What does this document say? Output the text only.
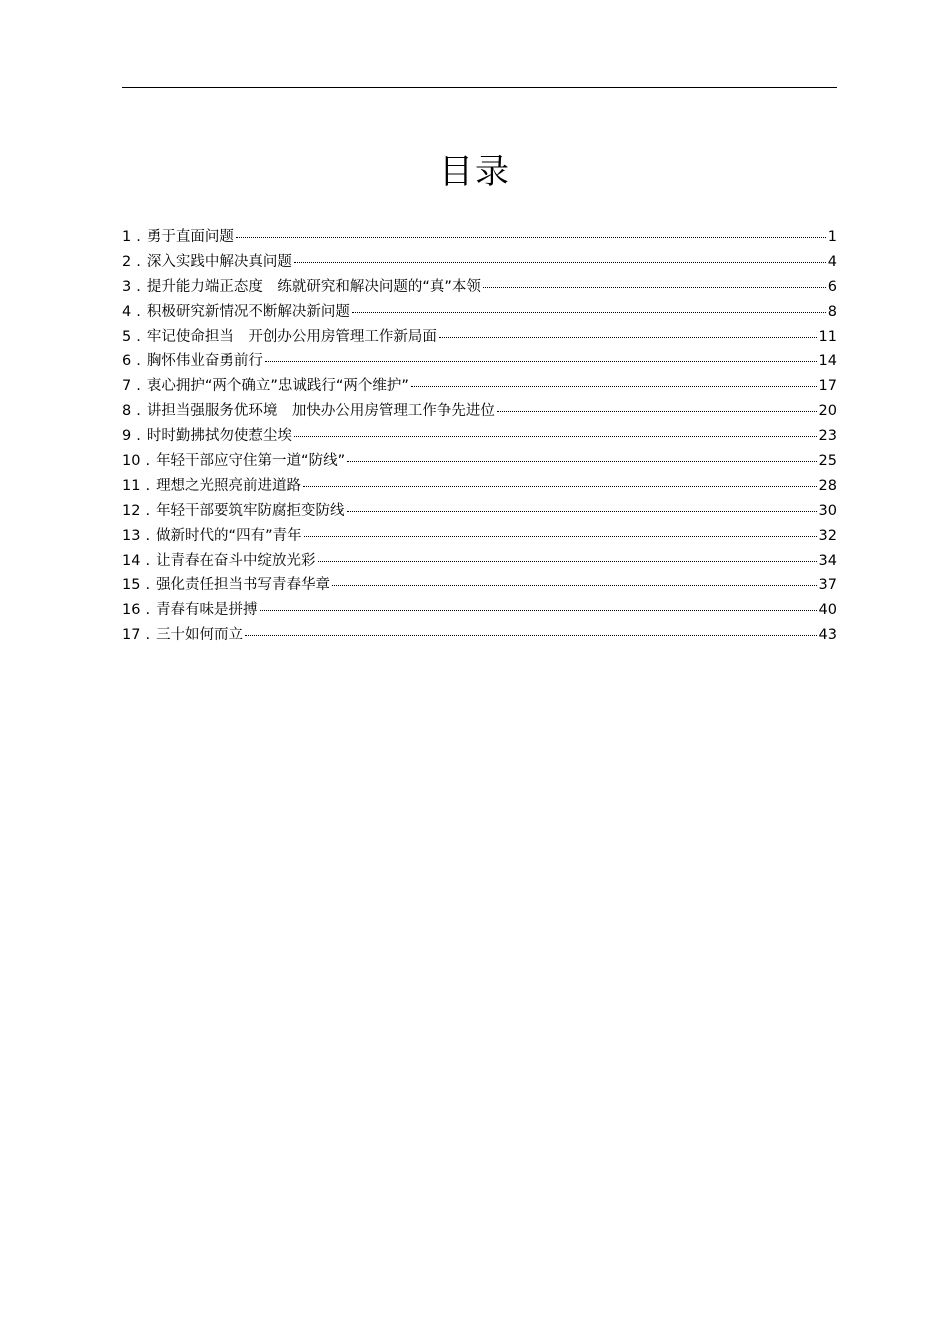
目录
1 . 勇于直面问题	1
2 . 深入实践中解决真问题	4
3 . 提升能力端正态度　练就研究和解决问题的“真”本领	6
4 . 积极研究新情况不断解决新问题	8
5 . 牢记使命担当　开创办公用房管理工作新局面	11
6 . 胸怀伟业奋勇前行	14
7 . 衷心拥护“两个确立”忠诚践行“两个维护”	17
8 . 讲担当强服务优环境　加快办公用房管理工作争先进位	20
9 . 时时勤拂拭勿使惹尘埃	23
10 . 年轻干部应守住第一道“防线”	25
11 . 理想之光照亮前进道路	28
12 . 年轻干部要筑牢防腐拒变防线	30
13 . 做新时代的“四有”青年	32
14 . 让青春在奋斗中绽放光彩	34
15 . 强化责任担当书写青春华章	37
16 . 青春有味是拼搏	40
17 . 三十如何而立	43
